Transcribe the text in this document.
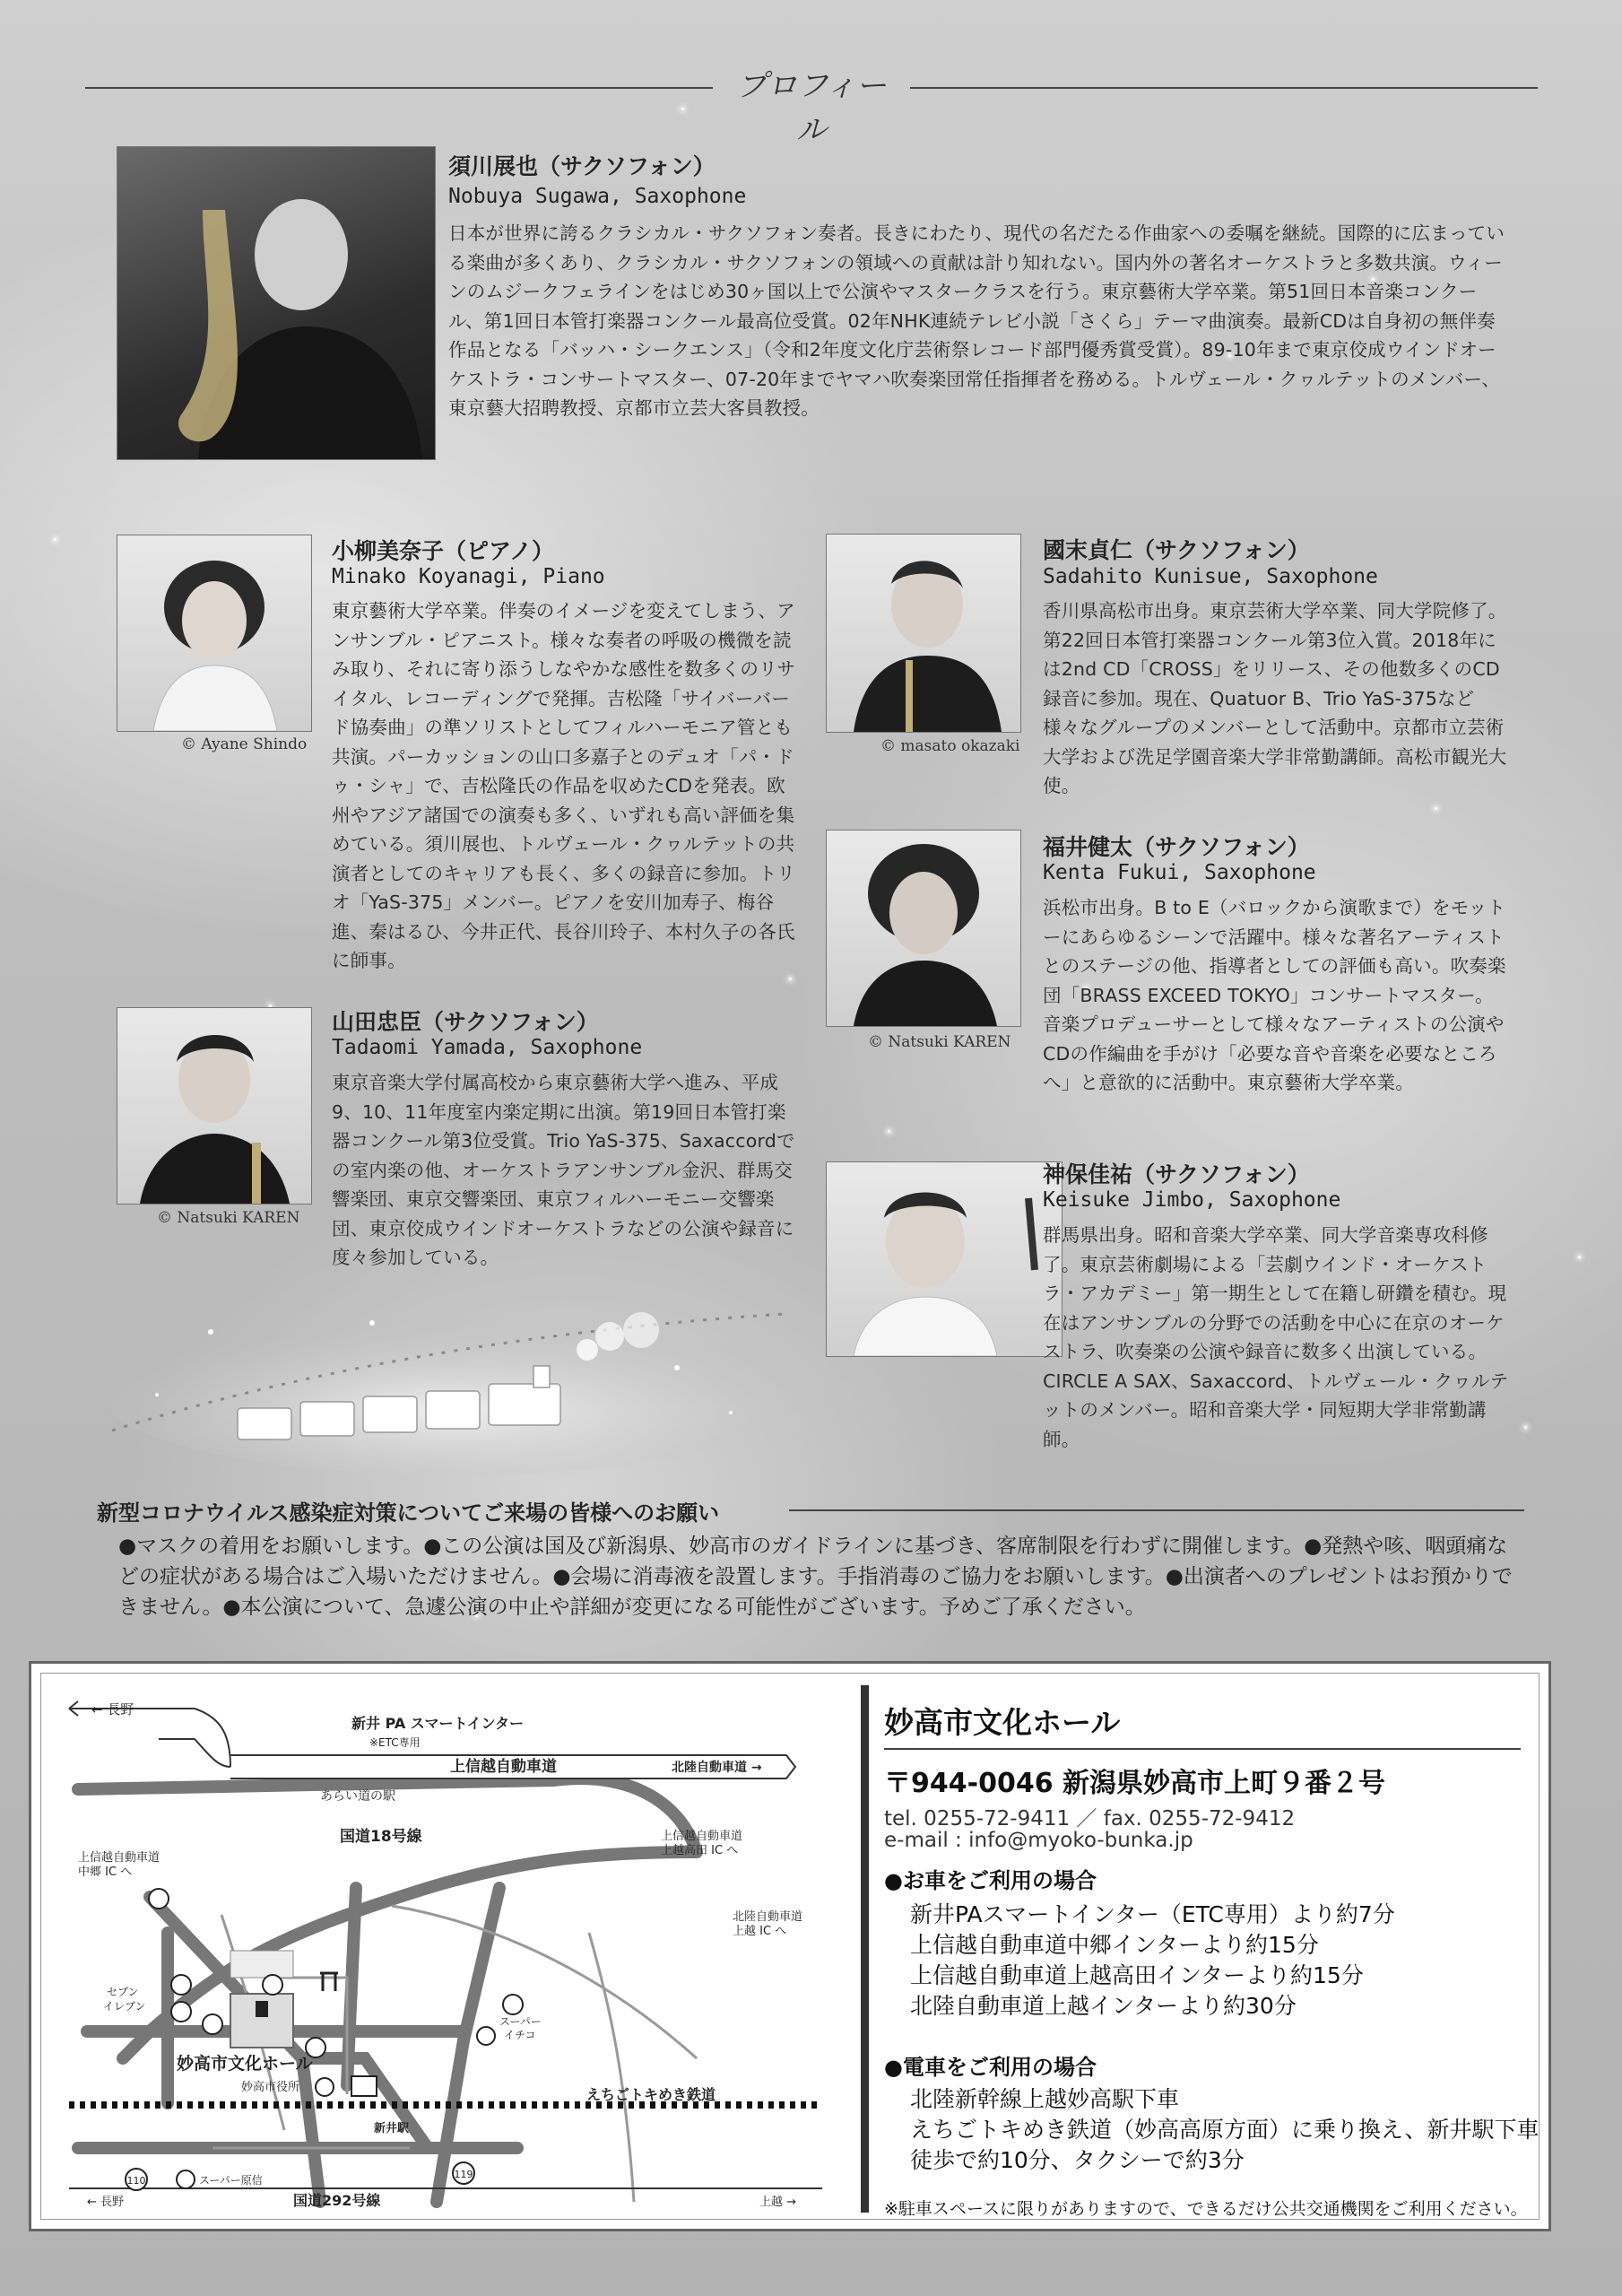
プロフィール
須川展也（サクソフォン）
Nobuya Sugawa, Saxophone

日本が世界に誇るクラシカル・サクソフォン奏者。長きにわたり、現代の名だたる作曲家への委嘱を継続。国際的に広まっている楽曲が多くあり、クラシカル・サクソフォンの領域への貢献は計り知れない。国内外の著名オーケストラと多数共演。ウィーンのムジークフェラインをはじめ30ヶ国以上で公演やマスタークラスを行う。東京藝術大学卒業。第51回日本音楽コンクール、第1回日本管打楽器コンクール最高位受賞。02年NHK連続テレビ小説「さくら」テーマ曲演奏。最新CDは自身初の無伴奏作品となる「バッハ・シークエンス」（令和2年度文化庁芸術祭レコード部門優秀賞受賞）。89-10年まで東京佼成ウインドオーケストラ・コンサートマスター、07-20年までヤマハ吹奏楽団常任指揮者を務める。トルヴェール・クヮルテットのメンバー、東京藝大招聘教授、京都市立芸大客員教授。

© Ayane Shindo
小柳美奈子（ピアノ）
Minako Koyanagi, Piano

東京藝術大学卒業。伴奏のイメージを変えてしまう、アンサンブル・ピアニスト。様々な奏者の呼吸の機微を読み取り、それに寄り添うしなやかな感性を数多くのリサイタル、レコーディングで発揮。吉松隆「サイバーバード協奏曲」の準ソリストとしてフィルハーモニア管とも共演。パーカッションの山口多嘉子とのデュオ「パ・ドゥ・シャ」で、吉松隆氏の作品を収めたCDを発表。欧州やアジア諸国での演奏も多く、いずれも高い評価を集めている。須川展也、トルヴェール・クヮルテットの共演者としてのキャリアも長く、多くの録音に参加。トリオ「YaS-375」メンバー。ピアノを安川加寿子、梅谷進、秦はるひ、今井正代、長谷川玲子、本村久子の各氏に師事。

© masato okazaki
國末貞仁（サクソフォン）
Sadahito Kunisue, Saxophone

香川県高松市出身。東京芸術大学卒業、同大学院修了。第22回日本管打楽器コンクール第3位入賞。2018年には2nd CD「CROSS」をリリース、その他数多くのCD録音に参加。現在、Quatuor B、Trio YaS-375など様々なグループのメンバーとして活動中。京都市立芸術大学および洗足学園音楽大学非常勤講師。高松市観光大使。

© Natsuki KAREN
福井健太（サクソフォン）
Kenta Fukui, Saxophone

浜松市出身。B to E（バロックから演歌まで）をモットーにあらゆるシーンで活躍中。様々な著名アーティストとのステージの他、指導者としての評価も高い。吹奏楽団「BRASS EXCEED TOKYO」コンサートマスター。音楽プロデューサーとして様々なアーティストの公演やCDの作編曲を手がけ「必要な音や音楽を必要なところへ」と意欲的に活動中。東京藝術大学卒業。

© Natsuki KAREN
山田忠臣（サクソフォン）
Tadaomi Yamada, Saxophone

東京音楽大学付属高校から東京藝術大学へ進み、平成9、10、11年度室内楽定期に出演。第19回日本管打楽器コンクール第3位受賞。Trio YaS-375、Saxaccordでの室内楽の他、オーケストラアンサンブル金沢、群馬交響楽団、東京交響楽団、東京フィルハーモニー交響楽団、東京佼成ウインドオーケストラなどの公演や録音に度々参加している。

神保佳祐（サクソフォン）
Keisuke Jimbo, Saxophone

群馬県出身。昭和音楽大学卒業、同大学音楽専攻科修了。東京芸術劇場による「芸劇ウインド・オーケストラ・アカデミー」第一期生として在籍し研鑽を積む。現在はアンサンブルの分野での活動を中心に在京のオーケストラ、吹奏楽の公演や録音に数多く出演している。CIRCLE A SAX、Saxaccord、トルヴェール・クヮルテットのメンバー。昭和音楽大学・同短期大学非常勤講師。

新型コロナウイルス感染症対策についてご来場の皆様へのお願い

●マスクの着用をお願いします。●この公演は国及び新潟県、妙高市のガイドラインに基づき、客席制限を行わずに開催します。●発熱や咳、咽頭痛などの症状がある場合はご入場いただけません。●会場に消毒液を設置します。手指消毒のご協力をお願いします。●出演者へのプレゼントはお預かりできません。●本公演について、急遽公演の中止や詳細が変更になる可能性がございます。予めご了承ください。

110
119
← 長野
新井 PA スマートインター
※ETC専用
上信越自動車道	北陸自動車道 →
あらい道の駅
国道18号線
上信越自動車道
中郷 IC へ
上信越自動車道
上越高田 IC へ
北陸自動車道
上越 IC へ
セブン
イレブン
スーパー
イチコ
妙高市文化ホール
妙高市役所	えちごトキめき鉄道
新井駅
スーパー原信
国道292号線
← 長野	上越 →
妙高市文化ホール
〒944-0046 新潟県妙高市上町９番２号
tel. 0255-72-9411 ／ fax. 0255-72-9412
e-mail : info@myoko-bunka.jp
●お車をご利用の場合
新井PAスマートインター（ETC専用）より約7分
上信越自動車道中郷インターより約15分
上信越自動車道上越高田インターより約15分
北陸自動車道上越インターより約30分
●電車をご利用の場合
北陸新幹線上越妙高駅下車
えちごトキめき鉄道（妙高高原方面）に乗り換え、新井駅下車
徒歩で約10分、タクシーで約3分
※駐車スペースに限りがありますので、できるだけ公共交通機関をご利用ください。
